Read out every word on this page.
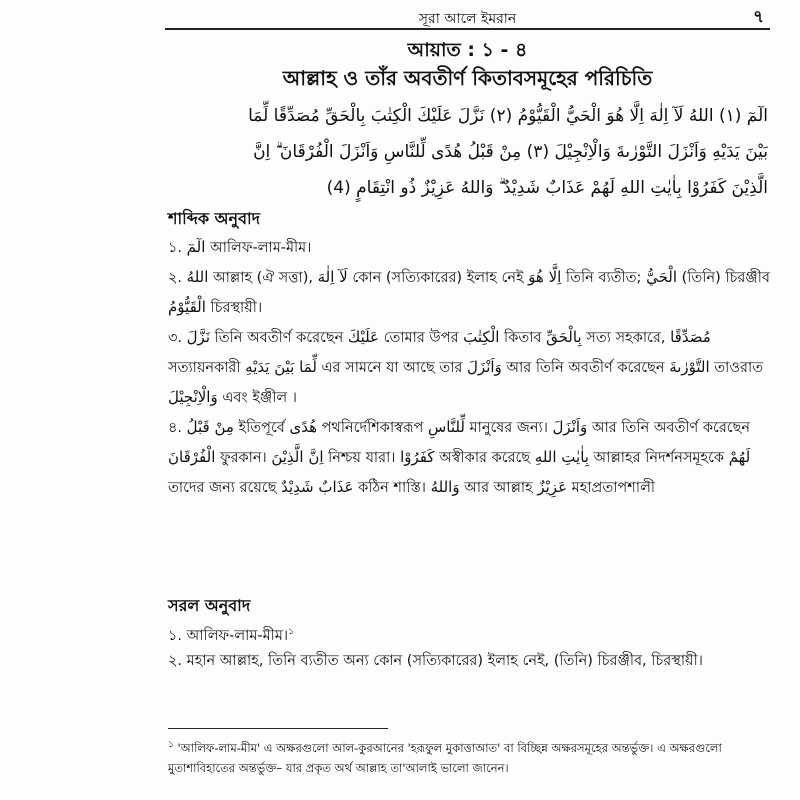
সূরা আলে ইমরান	৭
আয়াত : ১ - ৪
আল্লাহ ও তাঁর অবতীর্ণ কিতাবসমূহের পরিচিতি
الٓمٓ (١) اللهُ لَآ اِلٰهَ اِلَّا هُوَ الْحَيُّ الْقَيُّوْمُ (٢) نَزَّلَ عَلَيْكَ الْكِتٰبَ بِالْحَقِّ مُصَدِّقًا لِّمَا
بَيْنَ يَدَيْهِ وَاَنْزَلَ التَّوْرٰىةَ وَالْاِنْجِيْلَ (٣) مِنْ قَبْلُ هُدًى لِّلنَّاسِ وَاَنْزَلَ الْفُرْقَانَ ۗ اِنَّ
الَّذِيْنَ كَفَرُوْا بِاٰيٰتِ اللهِ لَهُمْ عَذَابٌ شَدِيْدٌ ۗ وَاللهُ عَزِيْزٌ ذُو انْتِقَامٍ (4)
শাব্দিক অনুবাদ

১. الٓمٓ আলিফ-লাম-মীম।

২. اللهُ আল্লাহ (ঐ সত্তা), لَآ اِلٰهَ কোন (সত্যিকারের) ইলাহ নেই اِلَّا هُوَ তিনি ব্যতীত; الْحَيُّ (তিনি) চিরঞ্জীব الْقَيُّوْمُ চিরস্থায়ী।

৩. نَزَّلَ তিনি অবতীর্ণ করেছেন عَلَيْكَ তোমার উপর الْكِتٰبَ কিতাব بِالْحَقِّ সত্য সহকারে, مُصَدِّقًا সত্যায়নকারী لِّمَا بَيْنَ يَدَيْهِ এর সামনে যা আছে তার وَاَنْزَلَ আর তিনি অবতীর্ণ করেছেন التَّوْرٰىةَ তাওরাত وَالْاِنْجِيْلَ এবং ইঞ্জীল ।

৪. مِنْ قَبْلُ ইতিপূর্বে هُدًى পথনির্দেশিকাস্বরূপ لِّلنَّاسِ মানুষের জন্য। وَاَنْزَلَ আর তিনি অবতীর্ণ করেছেন الْفُرْقَانَ ফুরকান। اِنَّ الَّذِيْنَ নিশ্চয় যারা। كَفَرُوْا অস্বীকার করেছে بِاٰيٰتِ اللهِ আল্লাহর নিদর্শনসমূহকে لَهُمْ তাদের জন্য রয়েছে عَذَابٌ شَدِيْدٌ কঠিন শাস্তি। وَاللهُ আর আল্লাহ عَزِيْزٌ মহাপ্রতাপশালী

সরল অনুবাদ

১. আলিফ-লাম-মীম।$^১$

২. মহান আল্লাহ, তিনি ব্যতীত অন্য কোন (সত্যিকারের) ইলাহ নেই, (তিনি) চিরঞ্জীব, চিরস্থায়ী।

$^১$ 'আলিফ-লাম-মীম' এ অক্ষরগুলো আল-কুরআনের 'হরূফুল মুকাত্তাআত' বা বিচ্ছিন্ন অক্ষরসমূহের অন্তর্ভুক্ত। এ অক্ষরগুলো মুতাশাবিহাতের অন্তর্ভুক্ত– যার প্রকৃত অর্থ আল্লাহ তা'আলাই ভালো জানেন।
